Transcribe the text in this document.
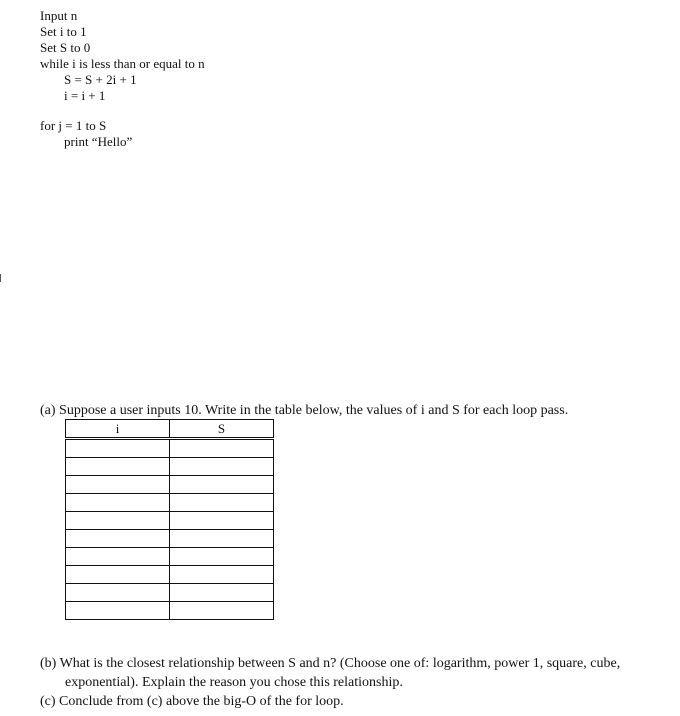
Input n
Set i to 1
Set S to 0
while i is less than or equal to n
S = S + 2i + 1
i = i + 1
for j = 1 to S
print “Hello”
(a) Suppose a user inputs 10. Write in the table below, the values of i and S for each loop pass.
i	S

(b) What is the closest relationship between S and n? (Choose one of: logarithm, power 1, square, cube, exponential). Explain the reason you chose this relationship.
(c) Conclude from (c) above the big-O of the for loop.
